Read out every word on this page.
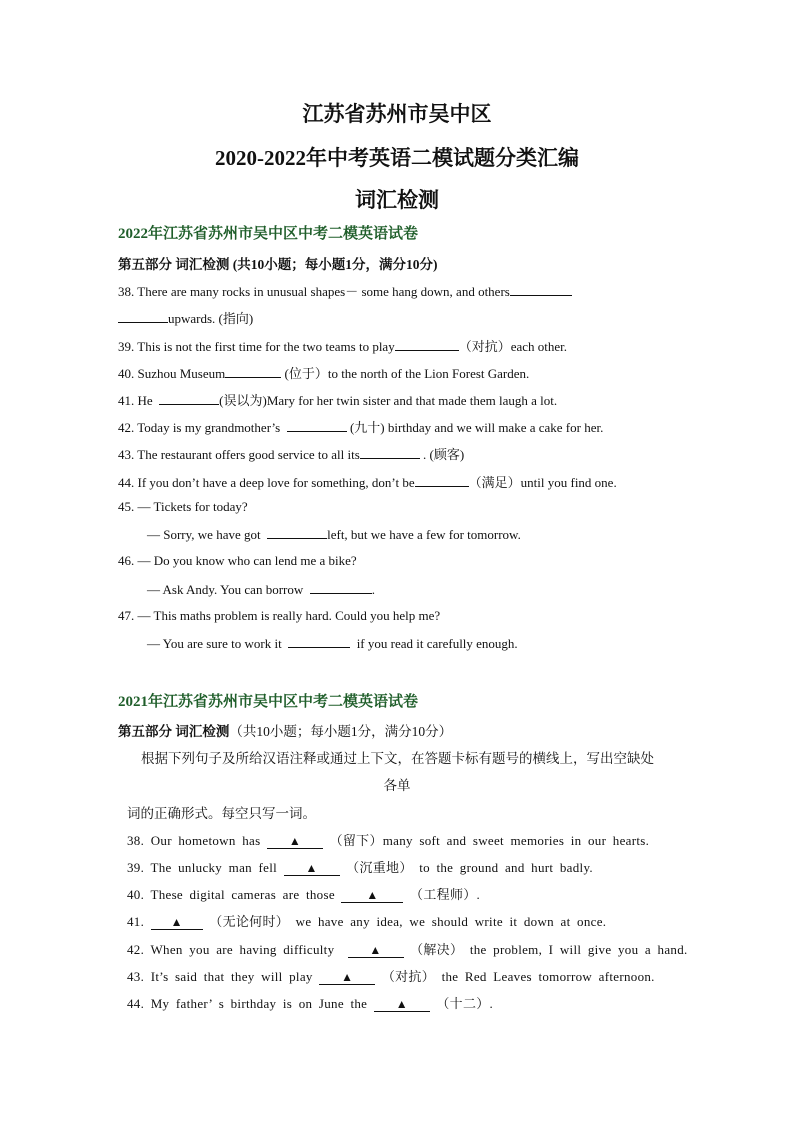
江苏省苏州市吴中区
2020-2022年中考英语二模试题分类汇编
词汇检测
2022年江苏省苏州市吴中区中考二模英语试卷
第五部分 词汇检测 (共10小题；每小题1分，满分10分)
38. There are many rocks in unusual shapes－ some hang down, and others
upwards. (指向)
39. This is not the first time for the two teams to play	（对抗）each other.
40. Suzhou Museum	(位于）to the north of the Lion Forest Garden.
41. He	(误以为)Mary for her twin sister and that made them laugh a lot.
42. Today is my grandmother’s	(九十) birthday and we will make a cake for her.
43. The restaurant offers good service to all its	. (顾客)
44. If you don’t have a deep love for something, don’t be	（满足）until you find one.
45. — Tickets for today?
— Sorry, we have got	left, but we have a few for tomorrow.
46. — Do you know who can lend me a bike?
— Ask Andy. You can borrow	.
47. — This maths problem is really hard. Could you help me?
— You are sure to work it	if you read it carefully enough.
2021年江苏省苏州市吴中区中考二模英语试卷
第五部分 词汇检测（共10小题；每小题1分，满分10分）
根据下列句子及所给汉语注释或通过上下文，在答题卡标有题号的横线上，写出空缺处
各单
词的正确形式。每空只写一词。
38. Our hometown has ▲ （留下）many soft and sweet memories in our hearts.
39. The unlucky man fell ▲ （沉重地） to the ground and hurt badly.
40. These digital cameras are those	▲ （工程师）.
41. ▲ （无论何时） we have any idea, we should write it down at once.
42. When you are having difficulty	▲ （解决） the problem, I will give you a hand.
43. It’s said that they will play ▲ （对抗） the Red Leaves tomorrow afternoon.
44. My father’ s birthday is on June the ▲ （十二）.
